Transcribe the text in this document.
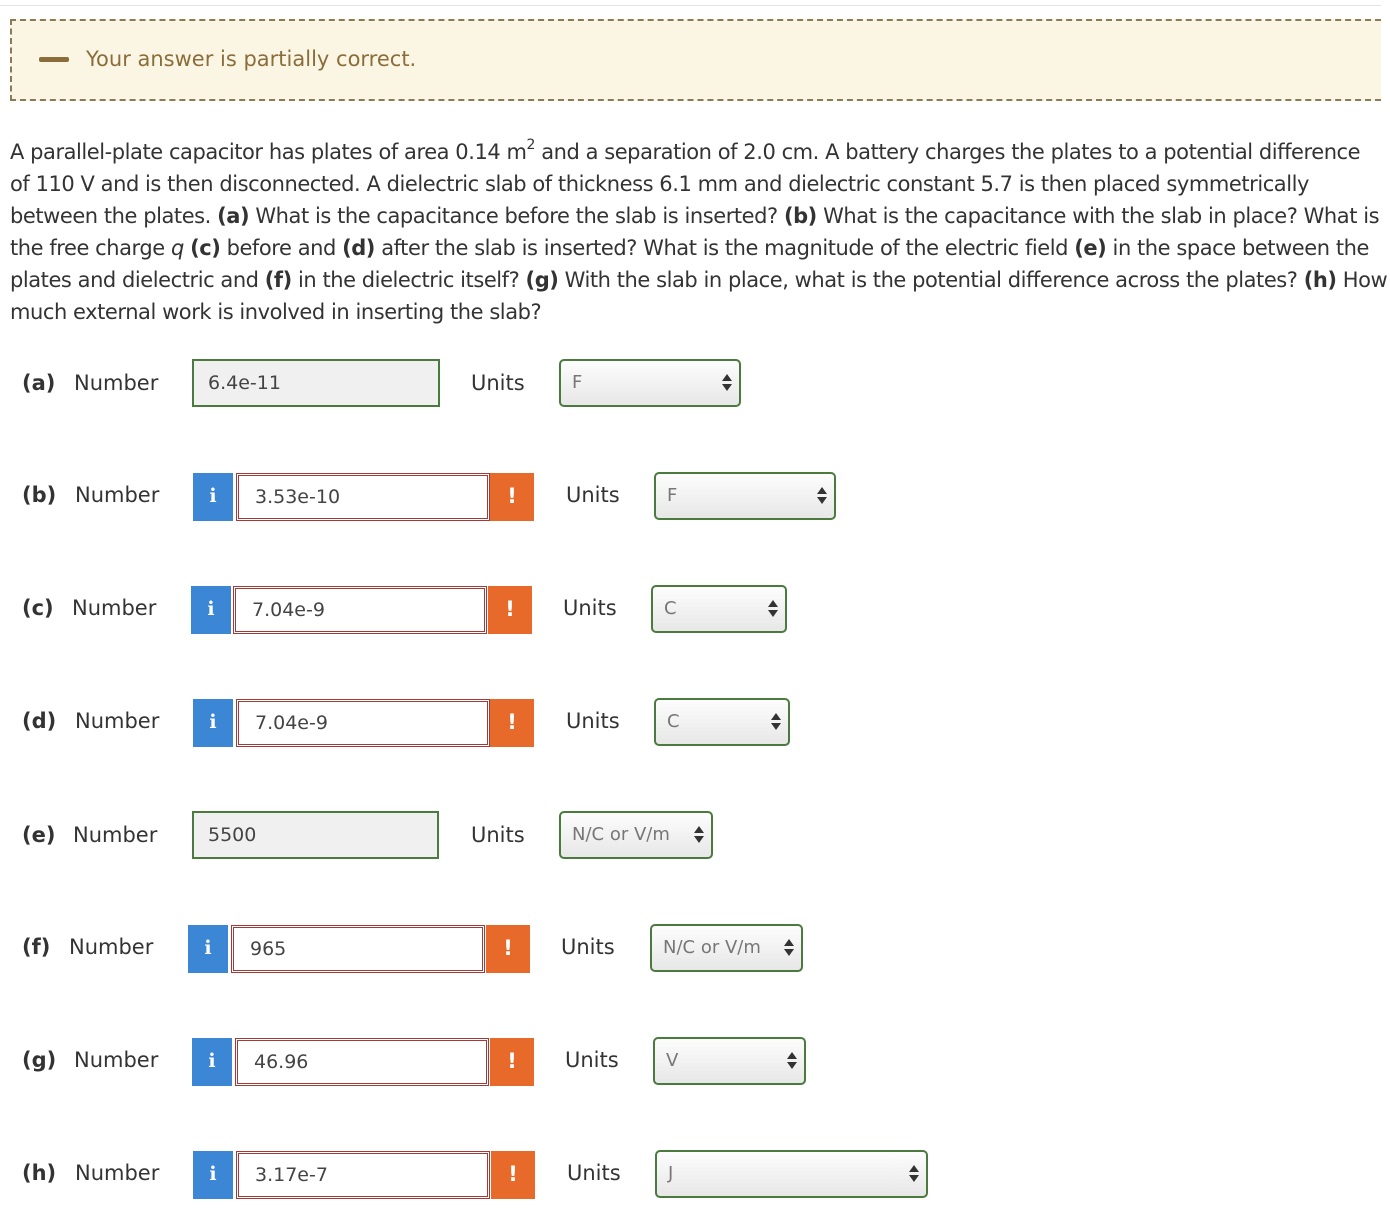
Your answer is partially correct.
A parallel-plate capacitor has plates of area 0.14 $m^2$ and a separation of 2.0 cm. A battery charges the plates to a potential difference
of 110 V and is then disconnected. A dielectric slab of thickness 6.1 mm and dielectric constant 5.7 is then placed symmetrically
between the plates. (a) What is the capacitance before the slab is inserted? (b) What is the capacitance with the slab in place? What is
the free charge q (c) before and (d) after the slab is inserted? What is the magnitude of the electric field (e) in the space between the
plates and dielectric and (f) in the dielectric itself? (g) With the slab in place, what is the potential difference across the plates? (h) How
much external work is involved in inserting the slab?
(a) Number	6.4e-11	Units	F
(b) Number	i	3.53e-10	!	Units	F
(c) Number	i	7.04e-9	!	Units	C
(d) Number	i	7.04e-9	!	Units	C
(e) Number	5500	Units	N/C or V/m
(f) Number	i	965	!	Units	N/C or V/m
(g) Number	i	46.96	!	Units	V
(h) Number	i	3.17e-7	!	Units	J
